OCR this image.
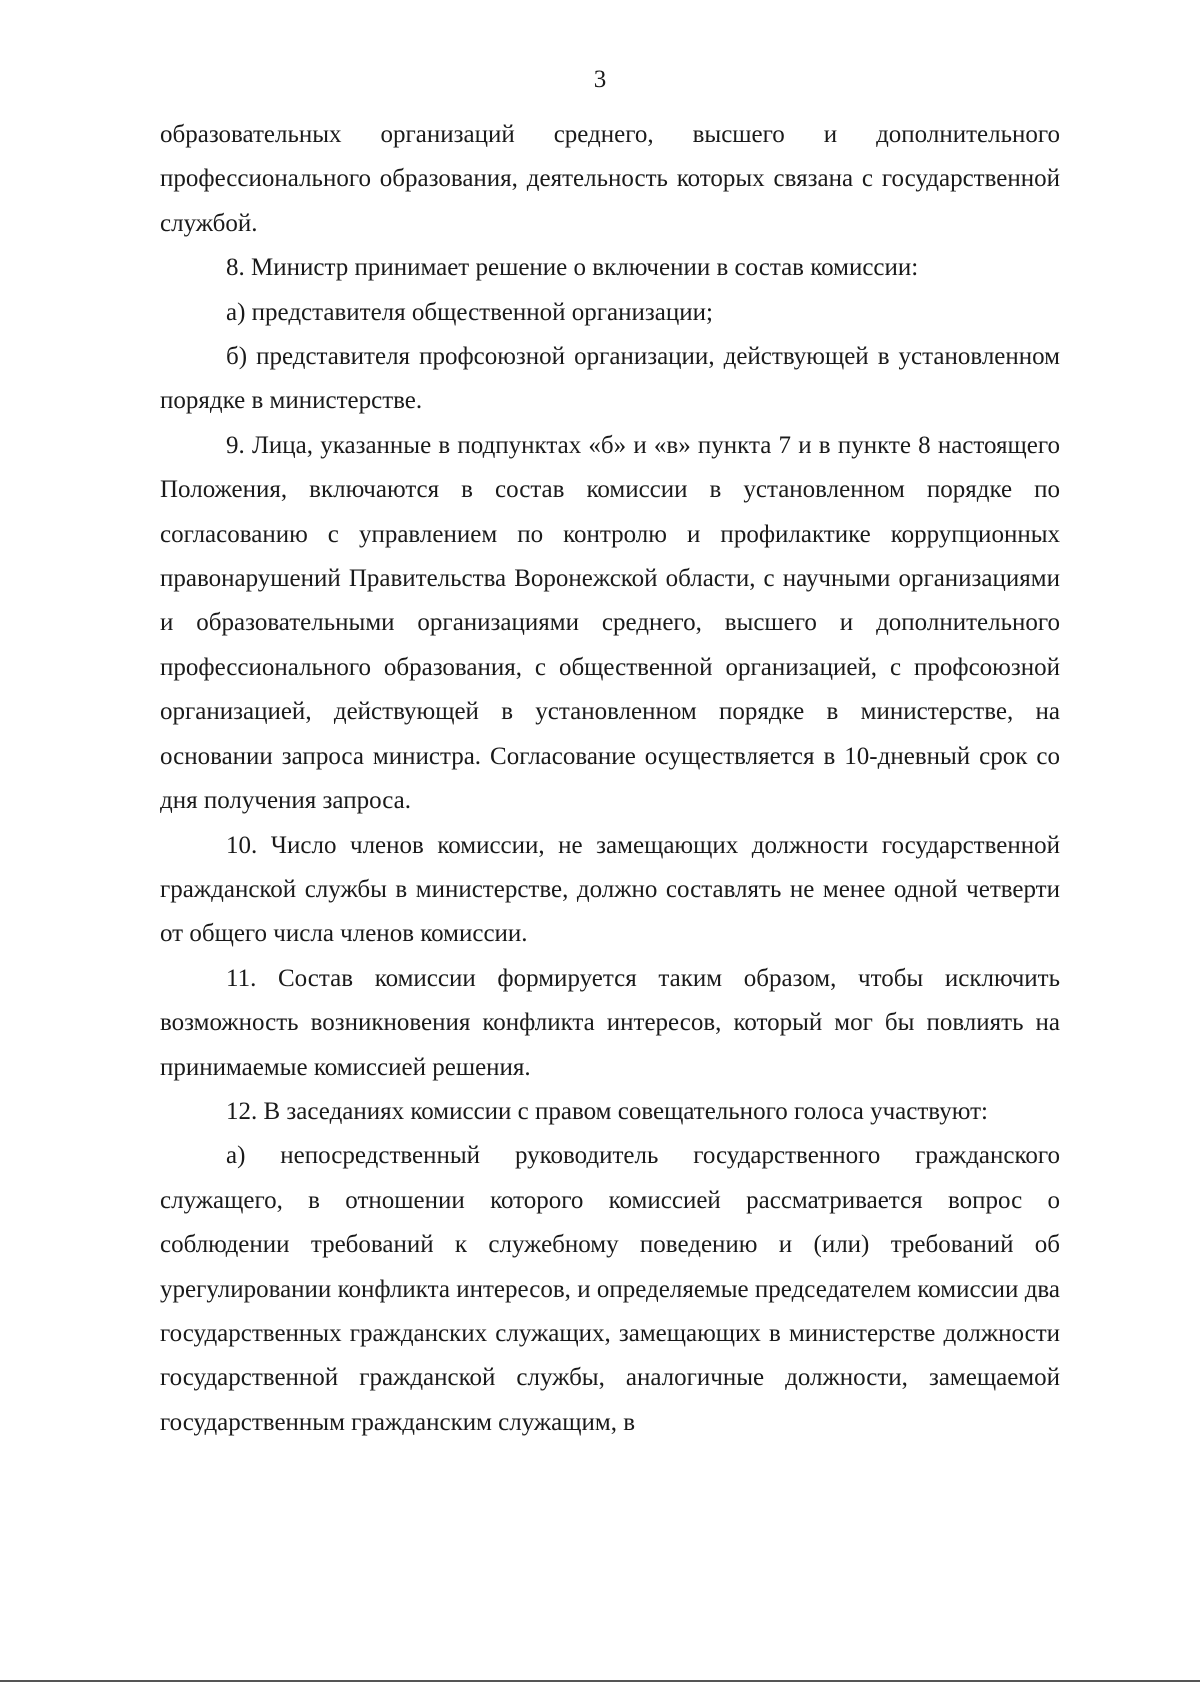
3

образовательных организаций среднего, высшего и дополнительного профессионального образования, деятельность которых связана с государственной службой.

8. Министр принимает решение о включении в состав комиссии:

а) представителя общественной организации;

б) представителя профсоюзной организации, действующей в установленном порядке в министерстве.

9. Лица, указанные в подпунктах «б» и «в» пункта 7 и в пункте 8 настоящего Положения, включаются в состав комиссии в установленном порядке по согласованию с управлением по контролю и профилактике коррупционных правонарушений Правительства Воронежской области, с научными организациями и образовательными организациями среднего, высшего и дополнительного профессионального образования, с общественной организацией, с профсоюзной организацией, действующей в установленном порядке в министерстве, на основании запроса министра. Согласование осуществляется в 10-дневный срок со дня получения запроса.

10. Число членов комиссии, не замещающих должности государственной гражданской службы в министерстве, должно составлять не менее одной четверти от общего числа членов комиссии.

11. Состав комиссии формируется таким образом, чтобы исключить возможность возникновения конфликта интересов, который мог бы повлиять на принимаемые комиссией решения.

12. В заседаниях комиссии с правом совещательного голоса участвуют:

а) непосредственный руководитель государственного гражданского служащего, в отношении которого комиссией рассматривается вопрос о соблюдении требований к служебному поведению и (или) требований об урегулировании конфликта интересов, и определяемые председателем комиссии два государственных гражданских служащих, замещающих в министерстве должности государственной гражданской службы, аналогичные должности, замещаемой государственным гражданским служащим, в
